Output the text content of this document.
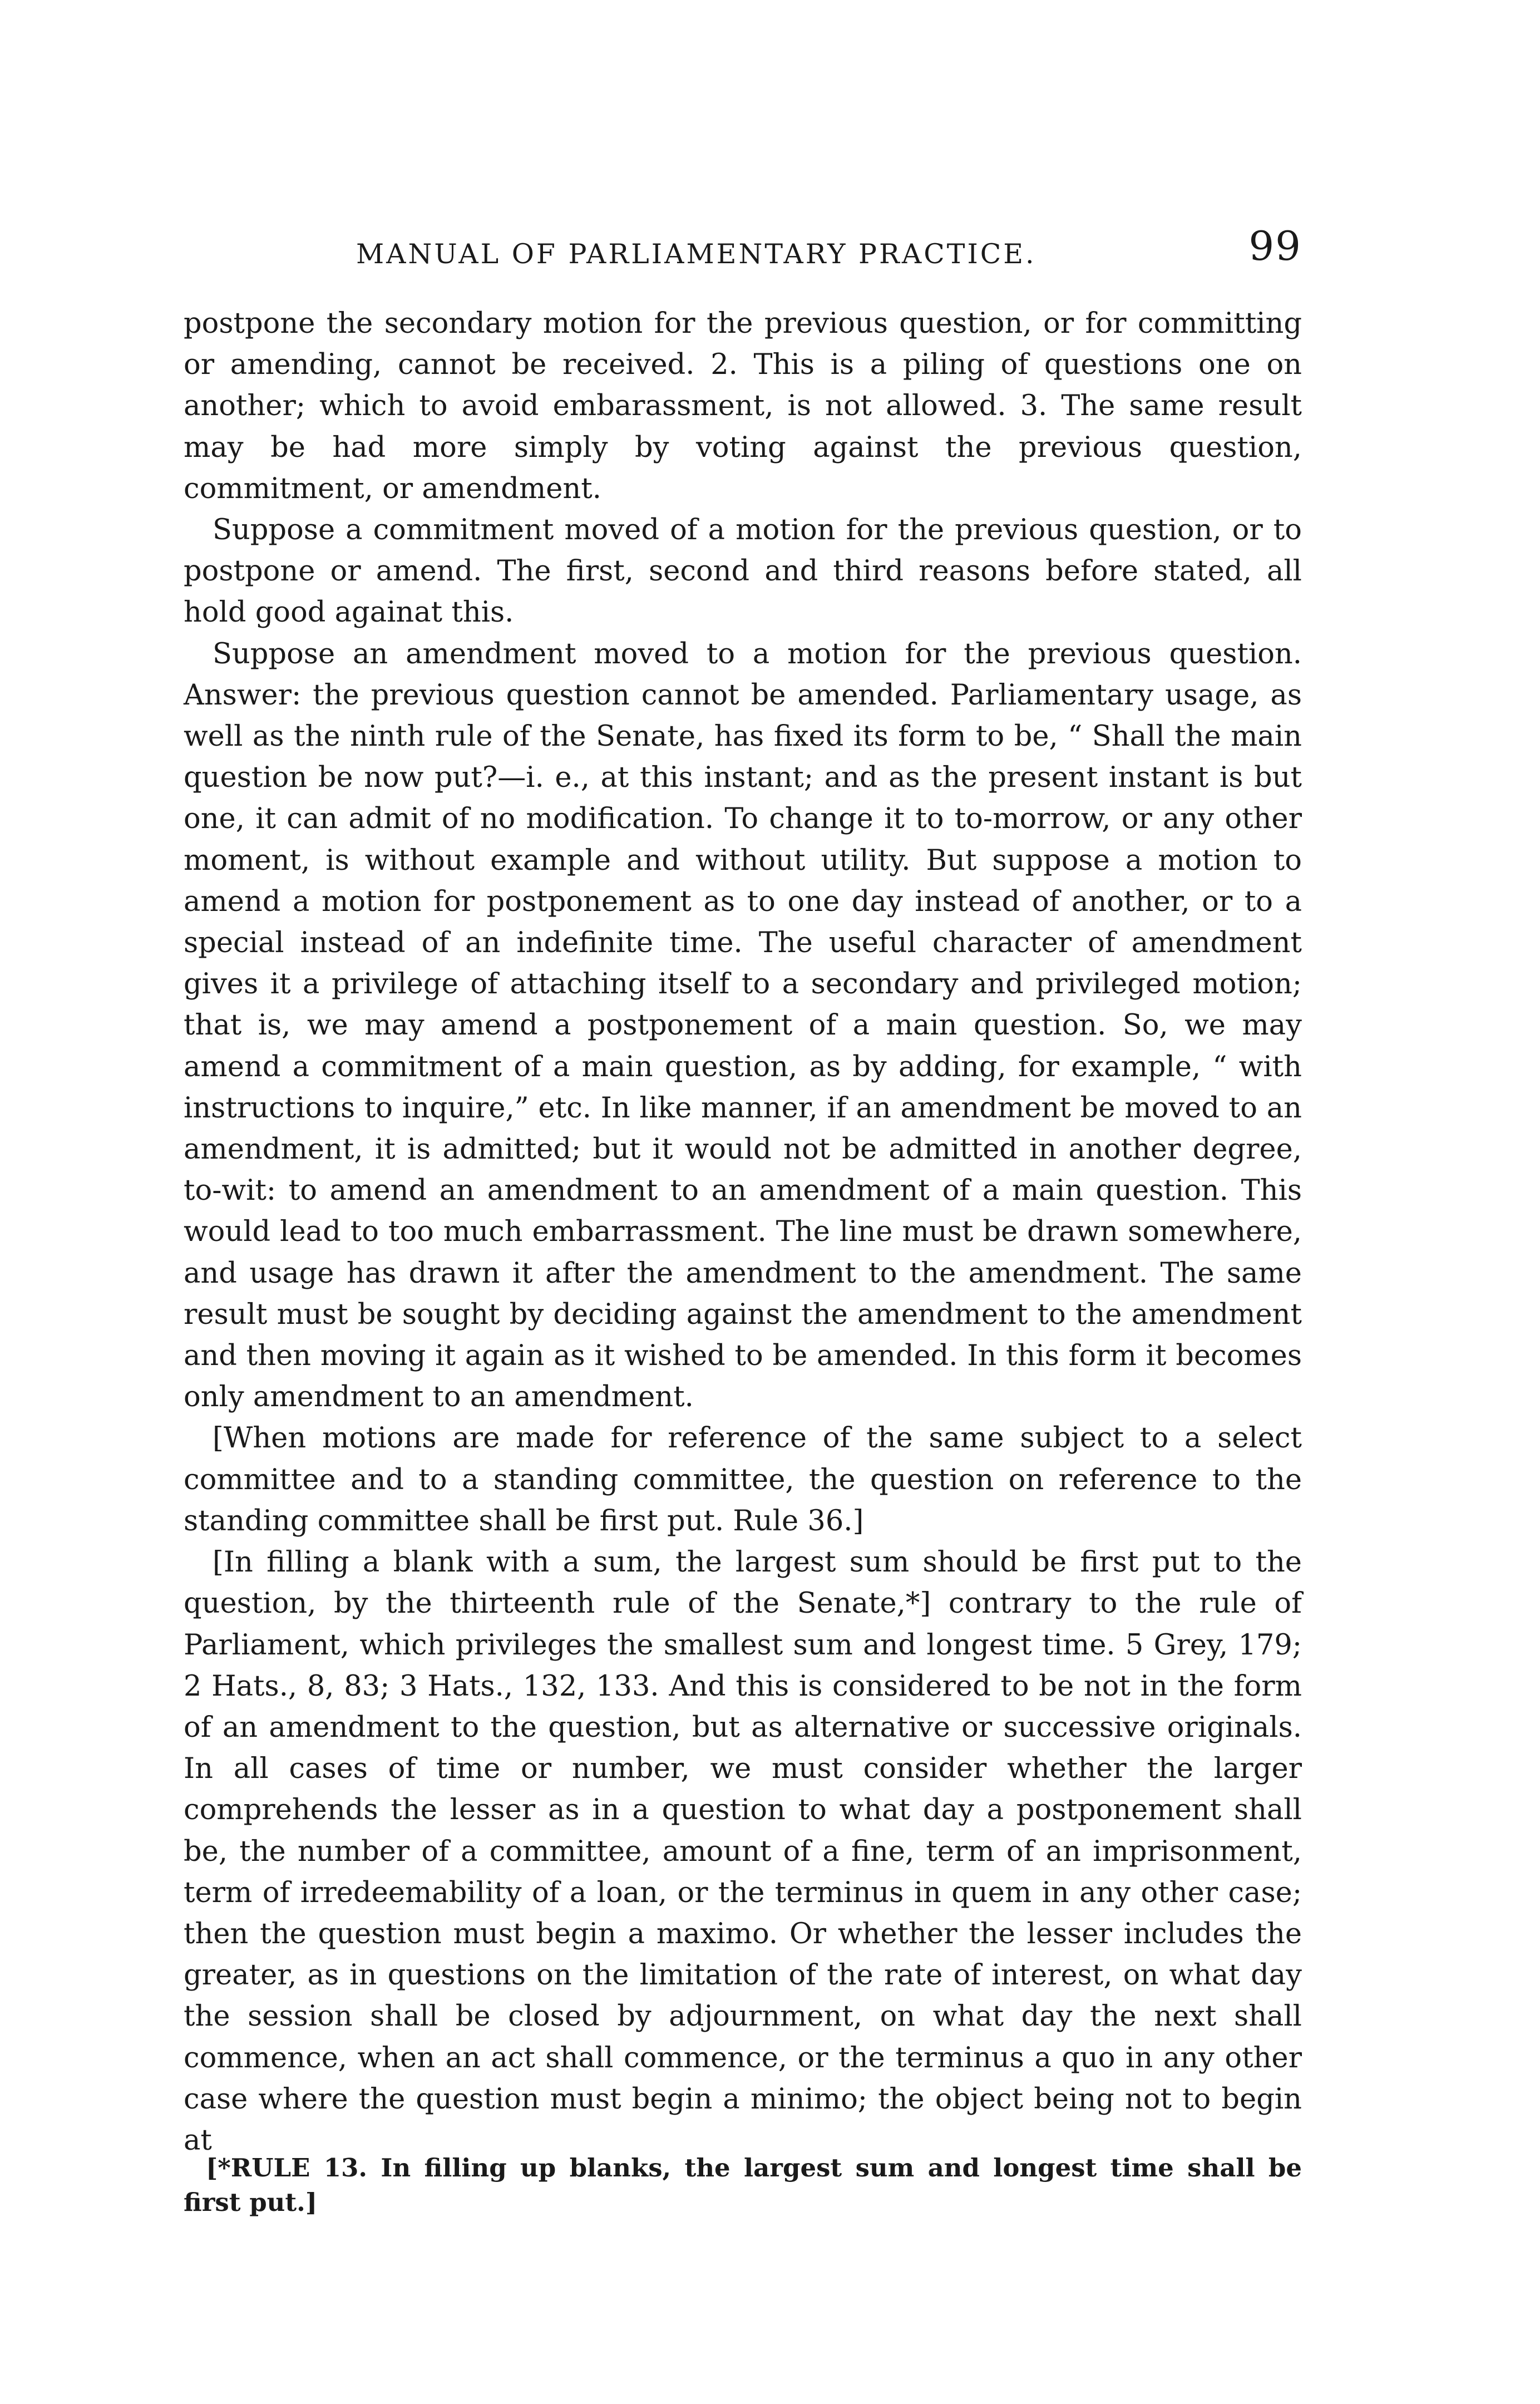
MANUAL OF PARLIAMENTARY PRACTICE.	99

postpone the secondary motion for the previous question, or for committing or amending, cannot be received. 2. This is a piling of questions one on another; which to avoid embarassment, is not allowed. 3. The same result may be had more simply by voting against the previous question, commitment, or amendment.

Suppose a commitment moved of a motion for the previous question, or to postpone or amend. The first, second and third reasons before stated, all hold good againat this.

Suppose an amendment moved to a motion for the previous question. Answer: the previous question cannot be amended. Parliamentary usage, as well as the ninth rule of the Senate, has fixed its form to be, “ Shall the main question be now put?—i. e., at this instant; and as the present instant is but one, it can admit of no modification. To change it to to-morrow, or any other moment, is without example and without utility. But suppose a motion to amend a motion for postponement as to one day instead of another, or to a special instead of an indefinite time. The useful character of amendment gives it a privilege of attaching itself to a secondary and privileged motion; that is, we may amend a postponement of a main question. So, we may amend a commitment of a main question, as by adding, for example, “ with instructions to inquire,” etc. In like manner, if an amendment be moved to an amendment, it is admitted; but it would not be admitted in another degree, to-wit: to amend an amendment to an amendment of a main question. This would lead to too much embarrassment. The line must be drawn somewhere, and usage has drawn it after the amendment to the amendment. The same result must be sought by deciding against the amendment to the amendment and then moving it again as it wished to be amended. In this form it becomes only amendment to an amendment.

[When motions are made for reference of the same subject to a select committee and to a standing committee, the question on reference to the standing committee shall be first put. Rule 36.]

[In filling a blank with a sum, the largest sum should be first put to the question, by the thirteenth rule of the Senate,*] contrary to the rule of Parliament, which privileges the smallest sum and longest time. 5 Grey, 179; 2 Hats., 8, 83; 3 Hats., 132, 133. And this is considered to be not in the form of an amendment to the question, but as alternative or successive originals. In all cases of time or number, we must consider whether the larger comprehends the lesser as in a question to what day a postponement shall be, the number of a committee, amount of a fine, term of an imprisonment, term of irredeemability of a loan, or the terminus in quem in any other case; then the question must begin a maximo. Or whether the lesser includes the greater, as in questions on the limitation of the rate of interest, on what day the session shall be closed by adjournment, on what day the next shall commence, when an act shall commence, or the terminus a quo in any other case where the question must begin a minimo; the object being not to begin at

[*RULE 13. In filling up blanks, the largest sum and longest time shall be first put.]
